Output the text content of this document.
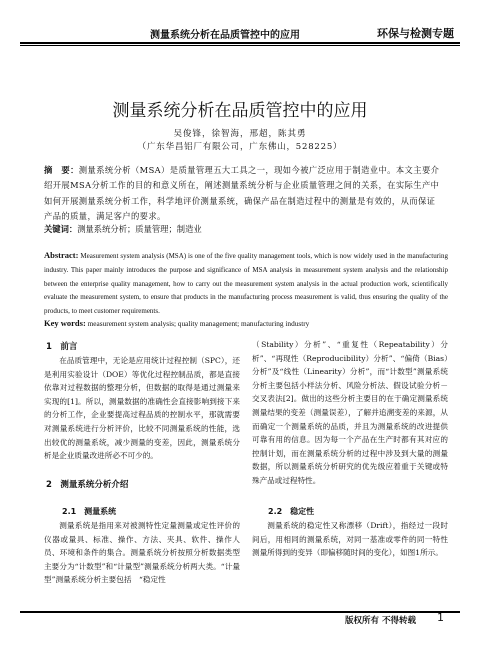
测量系统分析在品质管控中的应用	环保与检测专题
测量系统分析在品质管控中的应用
吴俊锋，徐智海，邢超，陈其勇
（广东华昌铝厂有限公司，广东佛山，528225）
摘　要：测量系统分析（MSA）是质量管理五大工具之一，现如今被广泛应用于制造业中。本文主要介绍开展MSA分析工作的目的和意义所在，阐述测量系统分析与企业质量管理之间的关系，在实际生产中如何开展测量系统分析工作，科学地评价测量系统，确保产品在制造过程中的测量是有效的，从而保证产品的质量，满足客户的要求。
关键词：测量系统分析；质量管理；制造业
Abstract: Measurement system analysis (MSA) is one of the five quality management tools, which is now widely used in the manufacturing industry. This paper mainly introduces the purpose and significance of MSA analysis in measurement system analysis and the relationship between the enterprise quality management, how to carry out the measurement system analysis in the actual production work, scientifically evaluate the measurement system, to ensure that products in the manufacturing process measurement is valid, thus ensuring the quality of the products, to meet customer requirements.
Key words: measurement system analysis; quality management; manufacturing industry
1　前言

在品质管理中，无论是应用统计过程控制（SPC），还是利用实验设计（DOE）等优化过程控制品质，都是直接依靠对过程数据的整理分析，但数据的取得是通过测量来实现的[1]。所以，测量数据的准确性会直接影响到接下来的分析工作，企业要提高过程品质的控制水平，那就需要对测量系统进行分析评价，比较不同测量系统的性能，选出较优的测量系统，减少测量的变差，因此，测量系统分析是企业质量改进所必不可少的。

2　测量系统分析介绍
2.1　测量系统

测量系统是指用来对被测特性定量测量或定性评价的仪器或量具、标准、操作、方法、夹具、软件、操作人员、环境和条件的集合。测量系统分析按照分析数据类型主要分为“计数型”和“计量型”测量系统分析两大类。“计量型”测量系统分析主要包括　“稳定性

（Stability）分析”、“重复性（Repeatability）分析”、“再现性（Reproducibility）分析”、“偏倚（Bias）分析”及“线性（Linearity）分析”，而“计数型”测量系统分析主要包括小样法分析、风险分析法、假设试验分析－交叉表法[2]。做出的这些分析主要目的在于确定测量系统测量结果的变差（测量误差），了解并追溯变差的来源，从而确定一个测量系统的品质，并且为测量系统的改进提供可靠有用的信息。因为每一个产品在生产时都有其对应的控制计划，而在测量系统分析的过程中涉及到大量的测量数据，所以测量系统分析研究的优先级应着重于关键或特殊产品或过程特性。

2.2　稳定性

测量系统的稳定性又称漂移（Drift），指经过一段时间后，用相同的测量系统，对同一基准或零件的同一特性测量所得到的变异（即偏移随时间的变化），如图1所示。

版权所有 不得转载 1
